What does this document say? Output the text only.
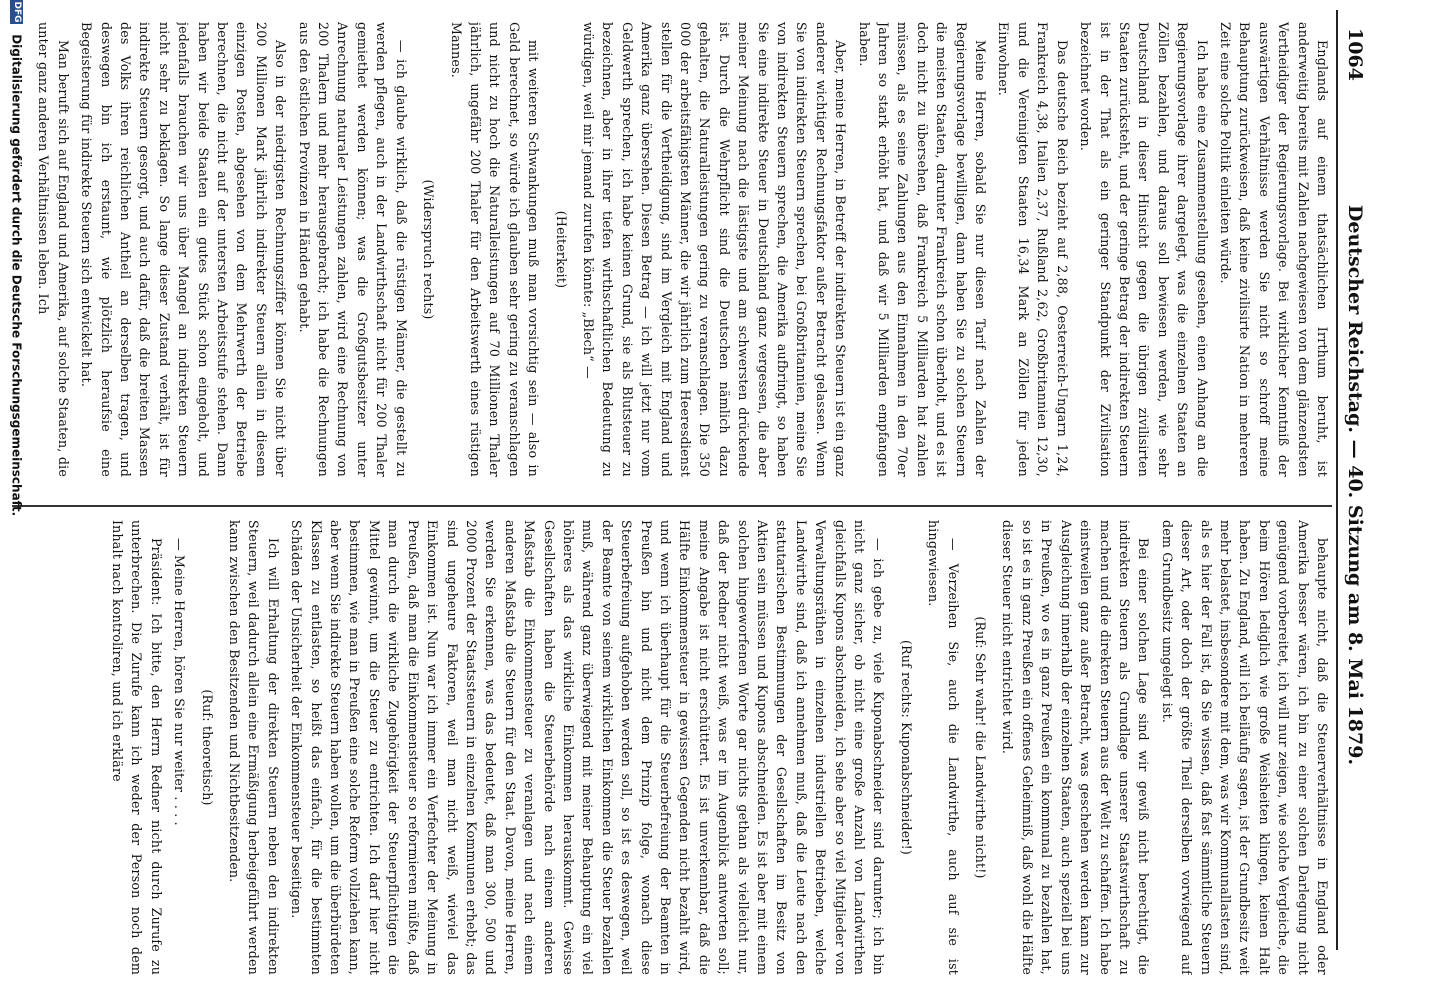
1064
Deutscher Reichstag. — 40. Sitzung am 8. Mai 1879.

Englands auf einem thatsächlichen Irrthum beruht, ist anderweitig bereits mit Zahlen nachgewiesen von dem glänzendsten Vertheidiger der Regierungsvorlage. Bei wirklicher Kenntniß der auswärtigen Verhältnisse werden Sie nicht so schroff meine Behauptung zurückweisen, daß keine zivilisirte Nation in mehreren Zeit eine solche Politik einleiten würde.

Ich habe eine Zusammenstellung gesehen, einen Anhang an die Regierungsvorlage ihrer dargelegt, was die einzelnen Staaten an Zöllen bezahlen, und daraus soll bewiesen werden, wie sehr Deutschland in dieser Hinsicht gegen die übrigen zivilisirten Staaten zurücksteht, und der geringe Betrag der indirekten Steuern ist in der That als ein geringer Standpunkt der Zivilisation bezeichnet worden.

Das deutsche Reich bezieht auf 2,88, Oesterreich-Ungarn 1,24, Frankreich 4,38, Italien 2,37, Rußland 2,62, Großbritannien 12,30, und die Vereinigten Staaten 16,34 Mark an Zöllen für jeden Einwohner.

Meine Herren, sobald Sie nur diesen Tarif nach Zahlen der Regierungsvorlage bewilligen, dann haben Sie zu solchen Steuern die meisten Staaten, darunter Frankreich schon überholt, und es ist doch nicht zu übersehen, daß Frankreich 5 Milliarden hat zahlen müssen, als es seine Zahlungen aus den Einnahmen in den 70er Jahren so stark erhöht hat, und daß wir 5 Milliarden empfangen haben.

Aber, meine Herren, in Betreff der indirekten Steuern ist ein ganz anderer wichtiger Rechnungsfaktor außer Betracht gelassen. Wenn Sie von indirekten Steuern sprechen, bei Großbritannien, meine Sie von indirekten Steuern sprechen, die Amerika aufbringt, so haben Sie eine indirekte Steuer in Deutschland ganz vergessen, die aber meiner Meinung nach die lästigste und am schwersten drückende ist. Durch die Wehrpflicht sind die Deutschen nämlich dazu gehalten, die Naturalleistungen gering zu veranschlagen. Die 350 000 der arbeitsfähigsten Männer, die wir jährlich zum Heeresdienst stellen für die Vertheidigung, sind im Vergleich mit England und Amerika ganz übersehen. Diesen Betrag — ich will jetzt nur vom Geldwerth sprechen, ich habe keinen Grund, sie als Blutsteuer zu bezeichnen, aber in ihrer tiefen wirthschaftlichen Bedeutung zu würdigen, weil mir jemand zurufen könnte: „Blech“ —

(Heiterkeit)

mit weiteren Schwankungen muß man vorsichtig sein — also in Geld berechnet, so würde ich glauben sehr gering zu veranschlagen und nicht zu hoch die Naturalleistungen auf 70 Millionen Thaler jährlich, ungefähr 200 Thaler für den Arbeitswerth eines rüstigen Mannes.

(Widerspruch rechts)

— ich glaube wirklich, daß die rüstigen Männer, die gestellt zu werden pflegen, auch in der Landwirthschaft nicht für 200 Thaler gemiethet werden können; was die Großgutsbesitzer unter Anrechnung naturaler Leistungen zahlen, wird eine Rechnung von 200 Thalern und mehr herausgebracht; ich habe die Rechnungen aus den östlichen Provinzen in Händen gehabt.

Also in der niedrigsten Rechnungsziffer können Sie nicht über 200 Millionen Mark jährlich indirekter Steuern allein in diesem einzigen Posten, abgesehen von dem Mehrwerth der Betriebe berechnen, die nicht auf der untersten Arbeitsstufe stehen. Dann haben wir beide Staaten ein gutes Stück schon eingeholt, und jedenfalls brauchen wir uns über Mangel an indirekten Steuern nicht sehr zu beklagen. So lange dieser Zustand verhält, ist für indirekte Steuern gesorgt, und auch dafür, daß die breiten Massen des Volks ihren reichlichen Antheil an derselben tragen, und deswegen bin ich erstaunt, wie plötzlich heraufsie eine Begeisterung für indirekte Steuern sich entwickelt hat.

Man beruft sich auf England und Amerika, auf solche Staaten, die unter ganz anderen Verhältnissen leben. Ich

behaupte nicht, daß die Steuerverhältnisse in England oder Amerika besser wären, ich bin zu einer solchen Darlegung nicht genügend vorbereitet, ich will nur zeigen, wie solche Vergleiche, die beim Hören lediglich wie große Weisheiten klingen, keinen Halt haben. Zu England, will ich beiläufig sagen, ist der Grundbesitz weit mehr belastet, insbesondere mit dem, was wir Kommunallasten sind, als es hier der Fall ist, da Sie wissen, daß fast sämmtliche Steuern dieser Art, oder doch der größte Theil derselben vorwiegend auf dem Grundbesitz umgelegt ist.

Bei einer solchen Lage sind wir gewiß nicht berechtigt, die indirekten Steuern als Grundlage unserer Staatswirthschaft zu machen und die direkten Steuern aus der Welt zu schaffen. Ich habe einstweilen ganz außer Betracht, was geschehen werden kann zur Ausgleichung innerhalb der einzelnen Staaten, auch speziell bei uns in Preußen, wo es in ganz Preußen ein kommunal zu bezahlen hat, so ist es in ganz Preußen ein offenes Geheimniß, daß wohl die Hälfte dieser Steuer nicht entrichtet wird.

(Ruf: Sehr wahr! die Landwirthe nicht!)

— Verzeihen Sie, auch die Landwirthe, auch auf sie ist hingewiesen.

(Ruf rechts: Kuponabschneider!)

— ich gebe zu, viele Kuponabschneider sind darunter; ich bin nicht ganz sicher, ob nicht eine große Anzahl von Landwirthen gleichfalls Kupons abschneiden, ich sehe aber so viel Mitglieder von Verwaltungsräthen in einzelnen industriellen Betrieben, welche Landwirthe sind, daß ich annehmen muß, daß die Leute nach den statutarischen Bestimmungen der Gesellschaften im Besitz von Aktien sein müssen und Kupons abschneiden. Es ist aber mit einem solchen hingeworfenen Worte gar nichts gethan als vielleicht nur, daß der Redner nicht weiß, was er im Augenblick antworten soll; meine Angabe ist nicht erschüttert. Es ist unverkennbar, daß die Hälfte Einkommensteuer in gewissen Gegenden nicht bezahlt wird, und wenn ich überhaupt für die Steuerbefreiung der Beamten in Preußen bin und nicht dem Prinzip folge, wonach diese Steuerbefreiung aufgehoben werden soll, so ist es deswegen, weil der Beamte von seinem wirklichen Einkommen die Steuer bezahlen muß, während ganz überwiegend mit meiner Behauptung ein viel höheres als das wirkliche Einkommen herauskommt. Gewisse Gesellschaften haben die Steuerbehörde nach einem anderen Maßstab die Einkommensteuer zu veranlagen und nach einem anderen Maßstab die Steuern für den Staat. Davon, meine Herren, werden Sie erkennen, was das bedeutet, daß man 300, 500 und 2000 Prozent der Staatssteuern in einzelnen Kommunen erhebt; das sind ungeheure Faktoren, weil man nicht weiß, wieviel das Einkommen ist. Nun war ich immer ein Verfechter der Meinung in Preußen, daß man die Einkommensteuer so reformieren müßte, daß man durch die wirkliche Zugehörigkeit der Steuerpflichtigen die Mittel gewinnt, um die Steuer zu entrichten. Ich darf hier nicht bestimmen, wie man in Preußen eine solche Reform vollziehen kann, aber wenn Sie indirekte Steuern haben wollen, um die überbürdeten Klassen zu entlasten, so heißt das einfach, für die bestimmten Schäden der Unsicherheit der Einkommensteuer beseitigen.

Ich will Erhaltung der direkten Steuern neben den indirekten Steuern, weil dadurch allein eine Ermäßigung herbeigeführt werden kann zwischen den Besitzenden und Nichtbesitzenden.

(Ruf: theoretisch)

— Meine Herren, hören Sie nur weiter . . . .

Präsident: Ich bitte, den Herrn Redner nicht durch Zurufe zu unterbrechen. Die Zurufe kann ich weder der Person noch dem Inhalt nach kontroliren, und ich erkläre

DFG Digitalisierung gefördert durch die Deutsche Forschungsgemeinschaft.
